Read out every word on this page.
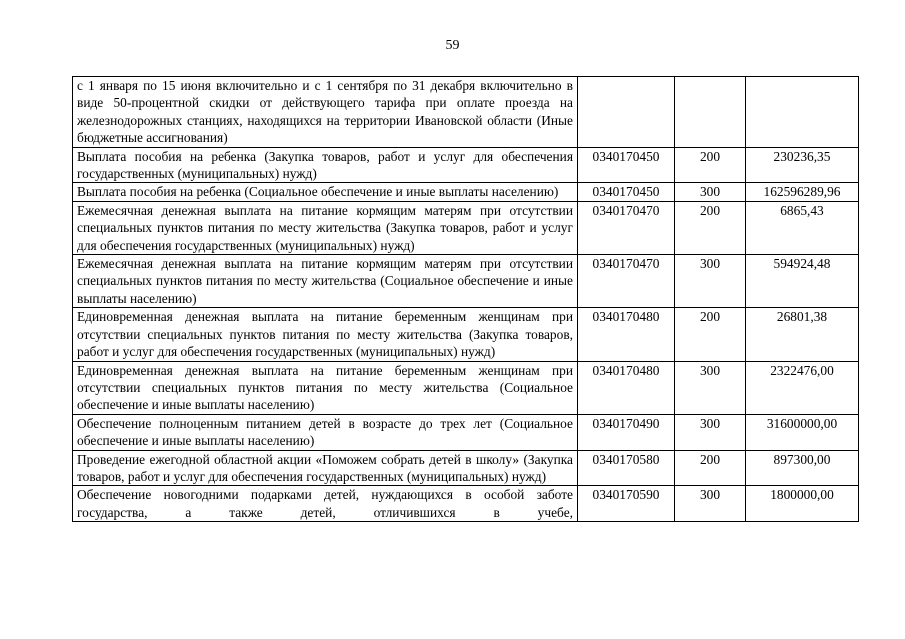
59
с 1 января по 15 июня включительно и с 1 сентября по 31 декабря включительно в виде 50-процентной скидки от действующего тарифа при оплате проезда на железнодорожных станциях, находящихся на территории Ивановской области (Иные бюджетные ассигнования)			
Выплата пособия на ребенка (Закупка товаров, работ и услуг для обеспечения государственных (муниципальных) нужд)	0340170450	200	230236,35
Выплата пособия на ребенка (Социальное обеспечение и иные выплаты населению)	0340170450	300	162596289,96
Ежемесячная денежная выплата на питание кормящим матерям при отсутствии специальных пунктов питания по месту жительства (Закупка товаров, работ и услуг для обеспечения государственных (муниципальных) нужд)	0340170470	200	6865,43
Ежемесячная денежная выплата на питание кормящим матерям при отсутствии специальных пунктов питания по месту жительства (Социальное обеспечение и иные выплаты населению)	0340170470	300	594924,48
Единовременная денежная выплата на питание беременным женщинам при отсутствии специальных пунктов питания по месту жительства (Закупка товаров, работ и услуг для обеспечения государственных (муниципальных) нужд)	0340170480	200	26801,38
Единовременная денежная выплата на питание беременным женщинам при отсутствии специальных пунктов питания по месту жительства (Социальное обеспечение и иные выплаты населению)	0340170480	300	2322476,00
Обеспечение полноценным питанием детей в возрасте до трех лет (Социальное обеспечение и иные выплаты населению)	0340170490	300	31600000,00
Проведение ежегодной областной акции «Поможем собрать детей в школу» (Закупка товаров, работ и услуг для обеспечения государственных (муниципальных) нужд)	0340170580	200	897300,00
Обеспечение новогодними подарками детей, нуждающихся в особой заботе государства, а также детей, отличившихся в учебе,	0340170590	300	1800000,00
